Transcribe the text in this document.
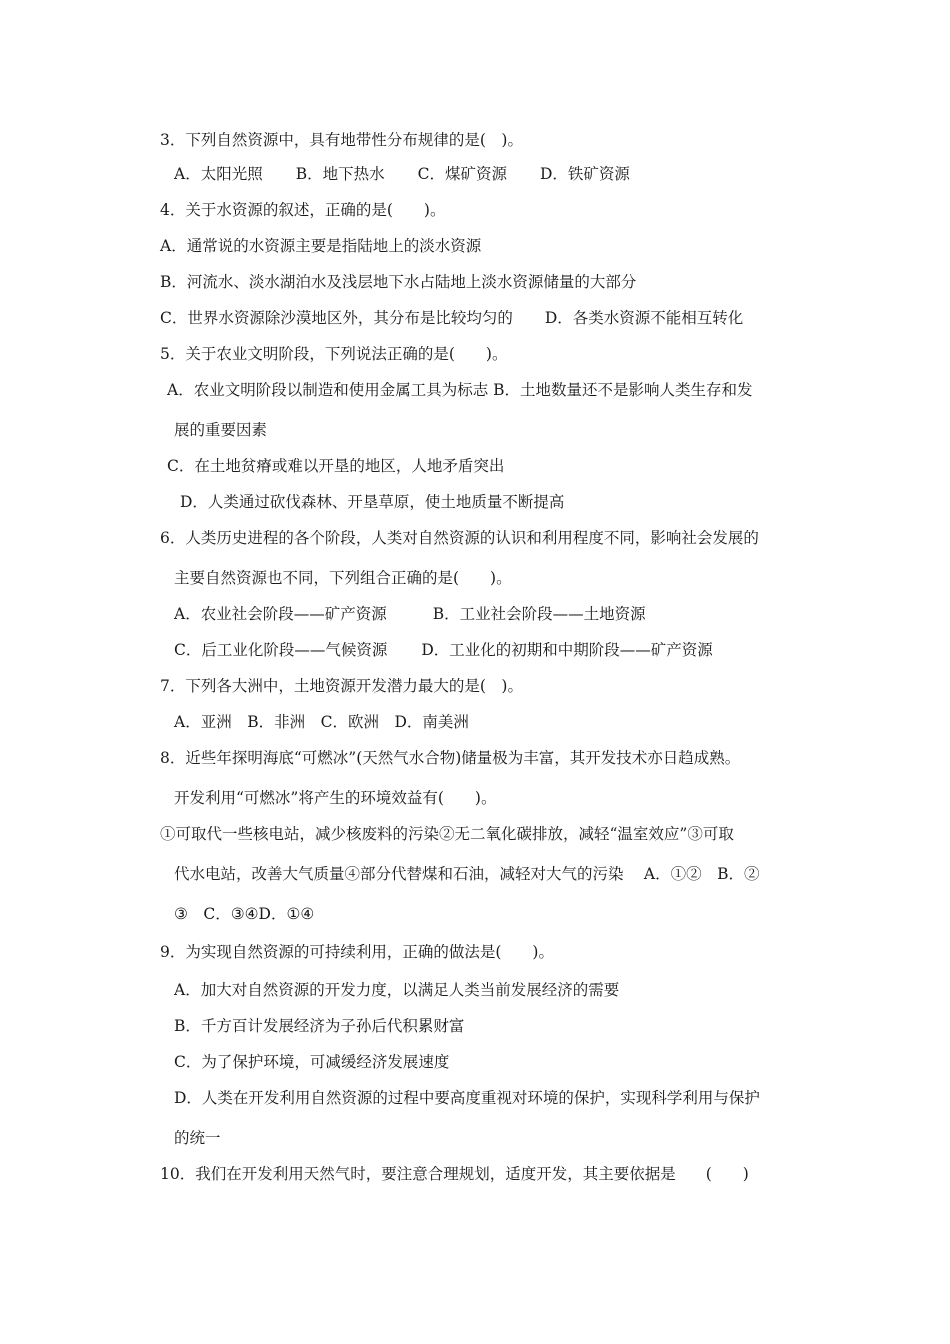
3．下列自然资源中，具有地带性分布规律的是(　)。
A．太阳光照 B．地下热水 C．煤矿资源 D．铁矿资源
4．关于水资源的叙述，正确的是(　　)。
A．通常说的水资源主要是指陆地上的淡水资源
B．河流水、淡水湖泊水及浅层地下水占陆地上淡水资源储量的大部分
C．世界水资源除沙漠地区外，其分布是比较均匀的 D．各类水资源不能相互转化
5．关于农业文明阶段，下列说法正确的是(　　)。
A．农业文明阶段以制造和使用金属工具为标志 B．土地数量还不是影响人类生存和发
展的重要因素
C．在土地贫瘠或难以开垦的地区，人地矛盾突出
D．人类通过砍伐森林、开垦草原，使土地质量不断提高
6．人类历史进程的各个阶段，人类对自然资源的认识和利用程度不同，影响社会发展的
主要自然资源也不同，下列组合正确的是(　　)。
A．农业社会阶段——矿产资源	B．工业社会阶段——土地资源
C．后工业化阶段——气候资源 D．工业化的初期和中期阶段——矿产资源
7．下列各大洲中，土地资源开发潜力最大的是(　)。
A．亚洲　B．非洲　C．欧洲　D．南美洲
8．近些年探明海底“可燃冰”(天然气水合物)储量极为丰富，其开发技术亦日趋成熟。
开发利用“可燃冰”将产生的环境效益有(　　)。
①可取代一些核电站，减少核废料的污染②无二氧化碳排放，减轻“温室效应”③可取
代水电站，改善大气质量④部分代替煤和石油，减轻对大气的污染　 A．①②　B．②
③　C．③④D．①④
9．为实现自然资源的可持续利用，正确的做法是(　　)。
A．加大对自然资源的开发力度，以满足人类当前发展经济的需要
B．千方百计发展经济为子孙后代积累财富
C．为了保护环境，可减缓经济发展速度
D．人类在开发利用自然资源的过程中要高度重视对环境的保护，实现科学利用与保护
的统一
10．我们在开发利用天然气时，要注意合理规划，适度开发，其主要依据是 (　　)
